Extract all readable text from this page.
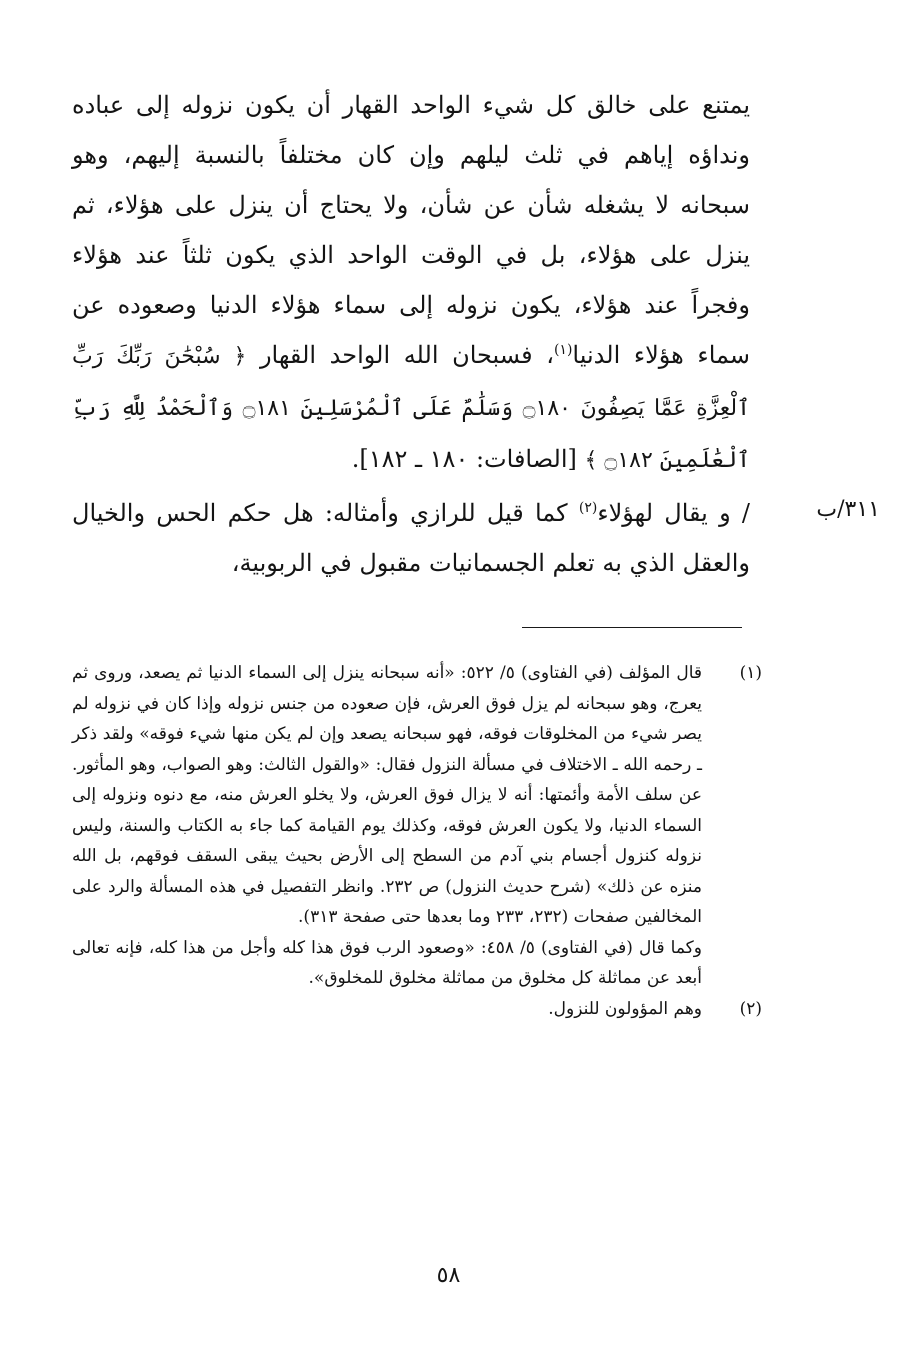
يمتنع على خالق كل شيء الواحد القهار أن يكون نزوله إلى عباده ونداؤه إياهم في ثلث ليلهم وإن كان مختلفاً بالنسبة إليهم، وهو سبحانه لا يشغله شأن عن شأن، ولا يحتاج أن ينزل على هؤلاء، ثم ينزل على هؤلاء، بل في الوقت الواحد الذي يكون ثلثاً عند هؤلاء وفجراً عند هؤلاء، يكون نزوله إلى سماء هؤلاء الدنيا وصعوده عن سماء هؤلاء الدنيا$^{(١)}$، فسبحان الله الواحد القهار ﴿ سُبْحَٰنَ رَبِّكَ رَبِّ ٱلْعِزَّةِ عَمَّا يَصِفُونَ ۝١٨٠ وَسَلَٰمٌ عَلَى ٱلْمُرْسَلِينَ ۝١٨١ وَٱلْحَمْدُ لِلَّهِ رَبِّ ٱلْعَٰلَمِينَ ۝١٨٢ ﴾ [الصافات: ١٨٠ ـ ١٨٢].

٣١١/ب

/ و يقال لهؤلاء$^{(٢)}$ كما قيل للرازي وأمثاله: هل حكم الحس والخيال والعقل الذي به تعلم الجسمانيات مقبول في الربوبية،

(١)

قال المؤلف (في الفتاوى) ٥/ ٥٢٢: «أنه سبحانه ينزل إلى السماء الدنيا ثم يصعد، وروى ثم يعرج، وهو سبحانه لم يزل فوق العرش، فإن صعوده من جنس نزوله وإذا كان في نزوله لم يصر شيء من المخلوقات فوقه، فهو سبحانه يصعد وإن لم يكن منها شيء فوقه» ولقد ذكر ـ رحمه الله ـ الاختلاف في مسألة النزول فقال: «والقول الثالث: وهو الصواب، وهو المأثور. عن سلف الأمة وأئمتها: أنه لا يزال فوق العرش، ولا يخلو العرش منه، مع دنوه ونزوله إلى السماء الدنيا، ولا يكون العرش فوقه، وكذلك يوم القيامة كما جاء به الكتاب والسنة، وليس نزوله كنزول أجسام بني آدم من السطح إلى الأرض بحيث يبقى السقف فوقهم، بل الله منزه عن ذلك» (شرح حديث النزول) ص ٢٣٢. وانظر التفصيل في هذه المسألة والرد على المخالفين صفحات (٢٣٢، ٢٣٣ وما بعدها حتى صفحة ٣١٣).

وكما قال (في الفتاوى) ٥/ ٤٥٨: «وصعود الرب فوق هذا كله وأجل من هذا كله، فإنه تعالى أبعد عن مماثلة كل مخلوق من مماثلة مخلوق للمخلوق».

(٢)

وهم المؤولون للنزول.

٥٨
